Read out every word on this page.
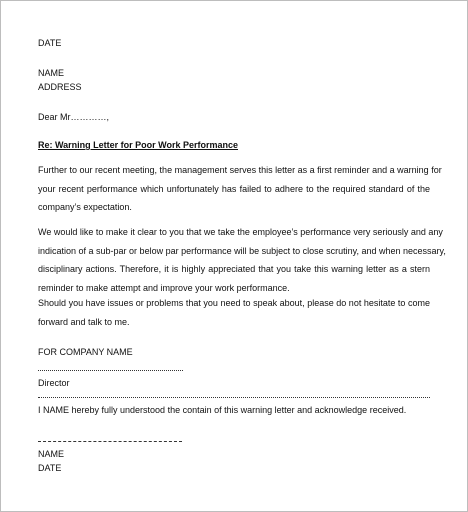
DATE
NAME
ADDRESS
Dear Mr…………,
Re: Warning Letter for Poor Work Performance
Further to our recent meeting, the management serves this letter as a first reminder and a warning for
your recent performance which unfortunately has failed to adhere to the required standard of the
company’s expectation.
We would like to make it clear to you that we take the employee’s performance very seriously and any
indication of a sub-par or below par performance will be subject to close scrutiny, and when necessary,
disciplinary actions. Therefore, it is highly appreciated that you take this warning letter as a stern
reminder to make attempt and improve your work performance.
Should you have issues or problems that you need to speak about, please do not hesitate to come
forward and talk to me.
FOR COMPANY NAME
Director
I NAME hereby fully understood the contain of this warning letter and acknowledge received.
NAME
DATE
